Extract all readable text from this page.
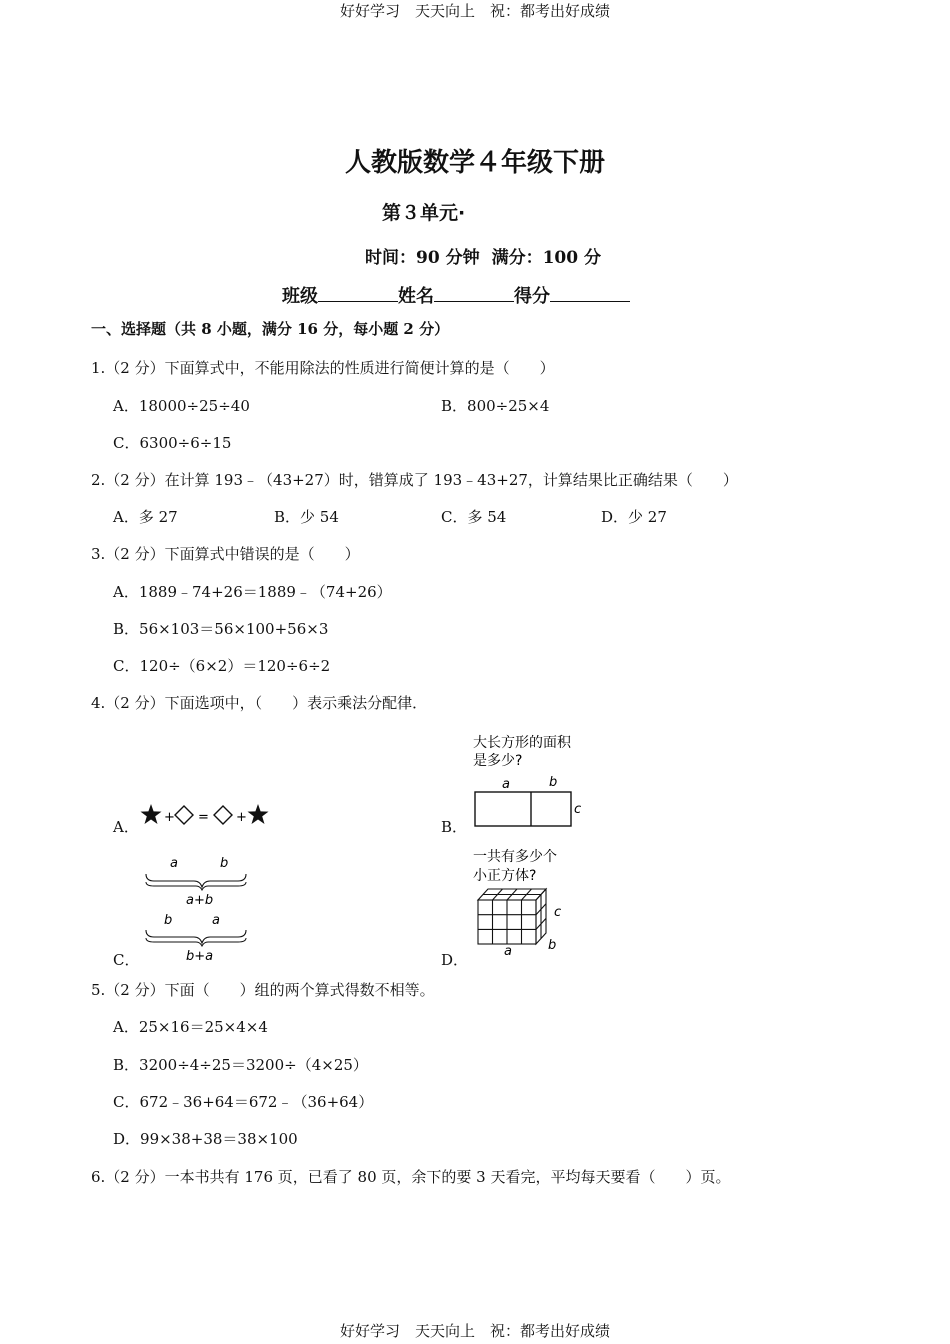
好好学习　天天向上　祝：都考出好成绩
人教版数学４年级下册
第３单元·
时间：90 分钟 满分：100 分
班级	姓名	得分
一、选择题（共 8 小题，满分 16 分，每小题 2 分）
1.（2 分）下面算式中，不能用除法的性质进行简便计算的是（　　）
A．18000÷25÷40	B．800÷25×4
C．6300÷6÷15
2.（2 分）在计算 193﹣（43+27）时，错算成了 193﹣43+27，计算结果比正确结果（　　）
A．多 27	B．少 54	C．多 54	D．少 27
3.（2 分）下面算式中错误的是（　　）
A．1889﹣74+26＝1889﹣（74+26）
B．56×103＝56×100+56×3
C．120÷（6×2）＝120÷6÷2
4.（2 分）下面选项中，（　　）表示乘法分配律．
A．
+ = +
B．
大长方形的面积
是多少?
a	b
c
C．
a	b
a+b
b	a
b+a	D．
一共有多少个
小正方体?
c
b
a
5.（2 分）下面（　　）组的两个算式得数不相等。
A．25×16＝25×4×4
B．3200÷4÷25＝3200÷（4×25）
C．672﹣36+64＝672﹣（36+64）
D．99×38+38＝38×100
6.（2 分）一本书共有 176 页，已看了 80 页，余下的要 3 天看完，平均每天要看（　　）页。
好好学习　天天向上　祝：都考出好成绩
